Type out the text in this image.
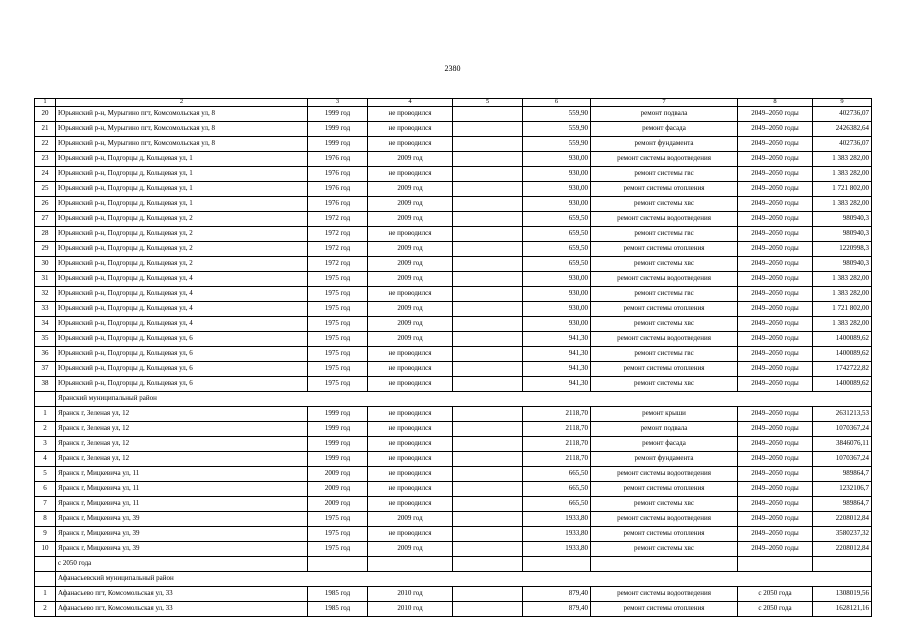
2380
1	2	3	4	5	6	7	8	9
20	Юрьянский р-н, Мурыгино пгт, Комсомольская ул, 8	1999 год	не проводился		559,90	ремонт подвала	2049–2050 годы	402736,07
21	Юрьянский р-н, Мурыгино пгт, Комсомольская ул, 8	1999 год	не проводился		559,90	ремонт фасада	2049–2050 годы	2426382,64
22	Юрьянский р-н, Мурыгино пгт, Комсомольская ул, 8	1999 год	не проводился		559,90	ремонт фундамента	2049–2050 годы	402736,07
23	Юрьянский р-н, Подгорцы д, Кольцевая ул, 1	1976 год	2009 год		930,00	ремонт системы водоотведения	2049–2050 годы	1 383 282,00
24	Юрьянский р-н, Подгорцы д, Кольцевая ул, 1	1976 год	не проводился		930,00	ремонт системы гвс	2049–2050 годы	1 383 282,00
25	Юрьянский р-н, Подгорцы д, Кольцевая ул, 1	1976 год	2009 год		930,00	ремонт системы отопления	2049–2050 годы	1 721 802,00
26	Юрьянский р-н, Подгорцы д, Кольцевая ул, 1	1976 год	2009 год		930,00	ремонт системы хвс	2049–2050 годы	1 383 282,00
27	Юрьянский р-н, Подгорцы д, Кольцевая ул, 2	1972 год	2009 год		659,50	ремонт системы водоотведения	2049–2050 годы	980940,3
28	Юрьянский р-н, Подгорцы д, Кольцевая ул, 2	1972 год	не проводился		659,50	ремонт системы гвс	2049–2050 годы	980940,3
29	Юрьянский р-н, Подгорцы д, Кольцевая ул, 2	1972 год	2009 год		659,50	ремонт системы отопления	2049–2050 годы	1220998,3
30	Юрьянский р-н, Подгорцы д, Кольцевая ул, 2	1972 год	2009 год		659,50	ремонт системы хвс	2049–2050 годы	980940,3
31	Юрьянский р-н, Подгорцы д, Кольцевая ул, 4	1975 год	2009 год		930,00	ремонт системы водоотведения	2049–2050 годы	1 383 282,00
32	Юрьянский р-н, Подгорцы д, Кольцевая ул, 4	1975 год	не проводился		930,00	ремонт системы гвс	2049–2050 годы	1 383 282,00
33	Юрьянский р-н, Подгорцы д, Кольцевая ул, 4	1975 год	2009 год		930,00	ремонт системы отопления	2049–2050 годы	1 721 802,00
34	Юрьянский р-н, Подгорцы д, Кольцевая ул, 4	1975 год	2009 год		930,00	ремонт системы хвс	2049–2050 годы	1 383 282,00
35	Юрьянский р-н, Подгорцы д, Кольцевая ул, 6	1975 год	2009 год		941,30	ремонт системы водоотведения	2049–2050 годы	1400089,62
36	Юрьянский р-н, Подгорцы д, Кольцевая ул, 6	1975 год	не проводился		941,30	ремонт системы гвс	2049–2050 годы	1400089,62
37	Юрьянский р-н, Подгорцы д, Кольцевая ул, 6	1975 год	не проводился		941,30	ремонт системы отопления	2049–2050 годы	1742722,82
38	Юрьянский р-н, Подгорцы д, Кольцевая ул, 6	1975 год	не проводился		941,30	ремонт системы хвс	2049–2050 годы	1400089,62
	Яранский муниципальный район							
1	Яранск г, Зеленая ул, 12	1999 год	не проводился		2118,70	ремонт крыши	2049–2050 годы	2631213,53
2	Яранск г, Зеленая ул, 12	1999 год	не проводился		2118,70	ремонт подвала	2049–2050 годы	1070367,24
3	Яранск г, Зеленая ул, 12	1999 год	не проводился		2118,70	ремонт фасада	2049–2050 годы	3846076,11
4	Яранск г, Зеленая ул, 12	1999 год	не проводился		2118,70	ремонт фундамента	2049–2050 годы	1070367,24
5	Яранск г, Мицкевича ул, 11	2009 год	не проводился		665,50	ремонт системы водоотведения	2049–2050 годы	989864,7
6	Яранск г, Мицкевича ул, 11	2009 год	не проводился		665,50	ремонт системы отопления	2049–2050 годы	1232106,7
7	Яранск г, Мицкевича ул, 11	2009 год	не проводился		665,50	ремонт системы хвс	2049–2050 годы	989864,7
8	Яранск г, Мицкевича ул, 39	1975 год	2009 год		1933,80	ремонт системы водоотведения	2049–2050 годы	2208012,84
9	Яранск г, Мицкевича ул, 39	1975 год	не проводился		1933,80	ремонт системы отопления	2049–2050 годы	3580237,32
10	Яранск г, Мицкевича ул, 39	1975 год	2009 год		1933,80	ремонт системы хвс	2049–2050 годы	2208012,84
	с 2050 года							
	Афанасьевский муниципальный район							
1	Афанасьево пгт, Комсомольская ул, 33	1985 год	2010 год		879,40	ремонт системы водоотведения	с 2050 года	1308019,56
2	Афанасьево пгт, Комсомольская ул, 33	1985 год	2010 год		879,40	ремонт системы отопления	с 2050 года	1628121,16
